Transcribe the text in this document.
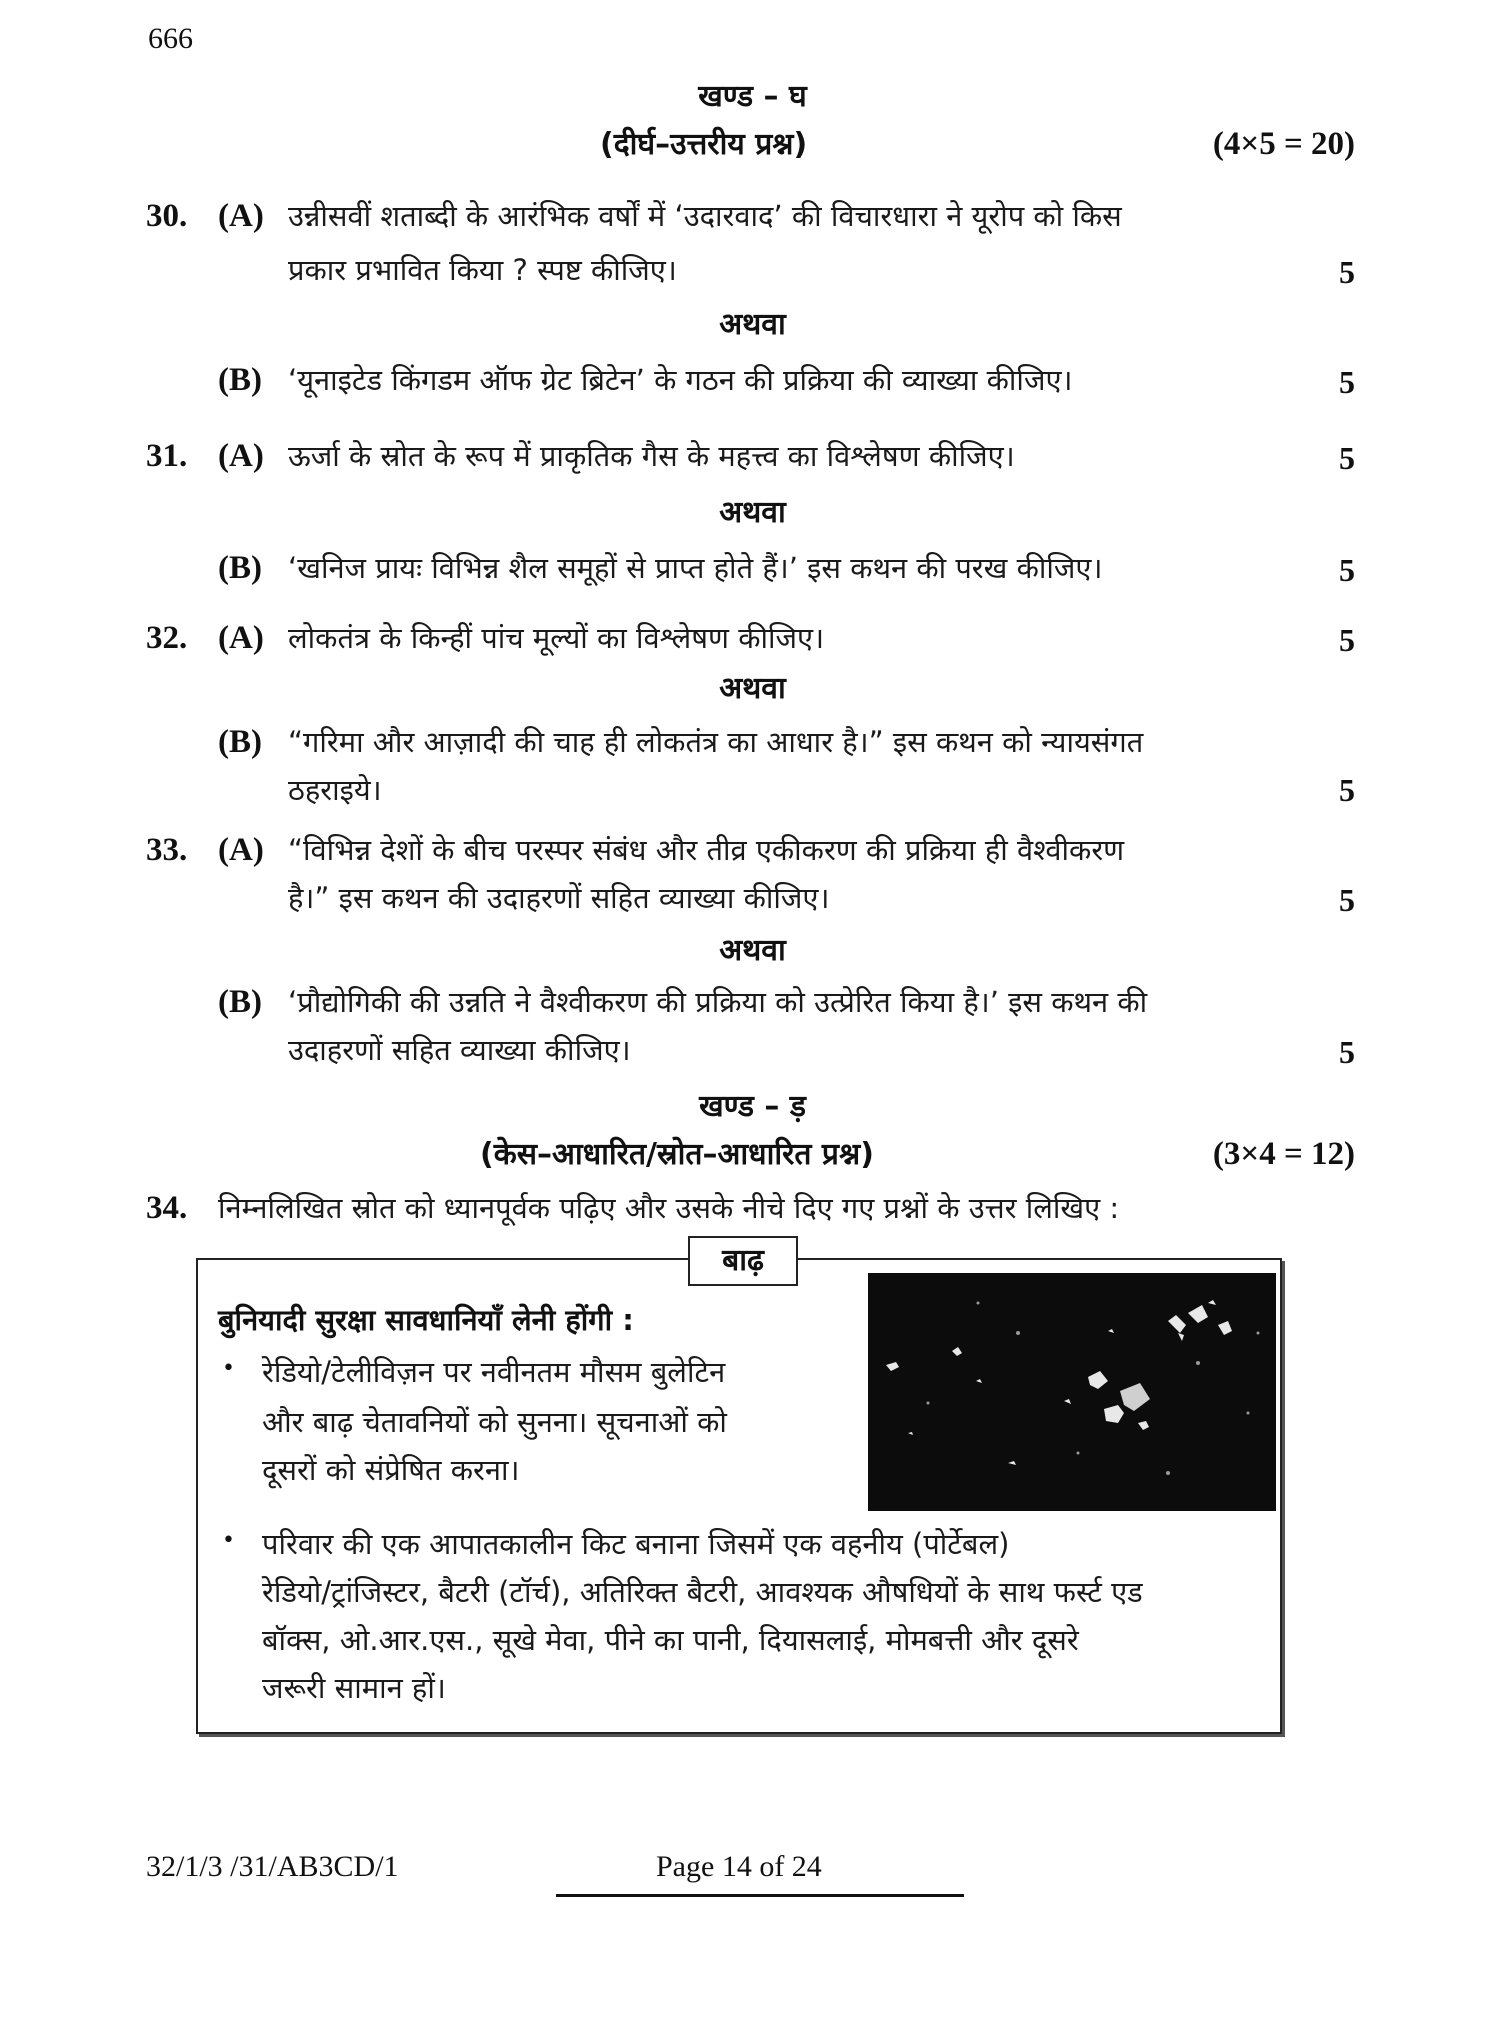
666
खण्ड – घ
(दीर्घ–उत्तरीय प्रश्न)	(4×5 = 20)
30. (A) उन्नीसवीं शताब्दी के आरंभिक वर्षों में ‘उदारवाद’ की विचारधारा ने यूरोप को किस
प्रकार प्रभावित किया ? स्पष्ट कीजिए।	5
अथवा
(B) ‘यूनाइटेड किंगडम ऑफ ग्रेट ब्रिटेन’ के गठन की प्रक्रिया की व्याख्या कीजिए।	5
31. (A) ऊर्जा के स्रोत के रूप में प्राकृतिक गैस के महत्त्व का विश्लेषण कीजिए।	5
अथवा
(B) ‘खनिज प्रायः विभिन्न शैल समूहों से प्राप्त होते हैं।’ इस कथन की परख कीजिए।	5
32. (A) लोकतंत्र के किन्हीं पांच मूल्यों का विश्लेषण कीजिए।	5
अथवा
(B) “गरिमा और आज़ादी की चाह ही लोकतंत्र का आधार है।” इस कथन को न्यायसंगत
ठहराइये।	5
33. (A) “विभिन्न देशों के बीच परस्पर संबंध और तीव्र एकीकरण की प्रक्रिया ही वैश्वीकरण
है।” इस कथन की उदाहरणों सहित व्याख्या कीजिए।	5
अथवा
(B) ‘प्रौद्योगिकी की उन्नति ने वैश्वीकरण की प्रक्रिया को उत्प्रेरित किया है।’ इस कथन की
उदाहरणों सहित व्याख्या कीजिए।	5
खण्ड – ड़
(केस–आधारित/स्रोत–आधारित प्रश्न)	(3×4 = 12)
34. निम्नलिखित स्रोत को ध्यानपूर्वक पढ़िए और उसके नीचे दिए गए प्रश्नों के उत्तर लिखिए :
बाढ़
बुनियादी सुरक्षा सावधानियाँ लेनी होंगी :
• रेडियो/टेलीविज़न पर नवीनतम मौसम बुलेटिन
और बाढ़ चेतावनियों को सुनना। सूचनाओं को
दूसरों को संप्रेषित करना।
• परिवार की एक आपातकालीन किट बनाना जिसमें एक वहनीय (पोर्टेबल)
रेडियो/ट्रांजिस्टर, बैटरी (टॉर्च), अतिरिक्त बैटरी, आवश्यक औषधियों के साथ फर्स्ट एड
बॉक्स, ओ.आर.एस., सूखे मेवा, पीने का पानी, दियासलाई, मोमबत्ती और दूसरे
जरूरी सामान हों।
32/1/3 /31/AB3CD/1	Page 14 of 24
